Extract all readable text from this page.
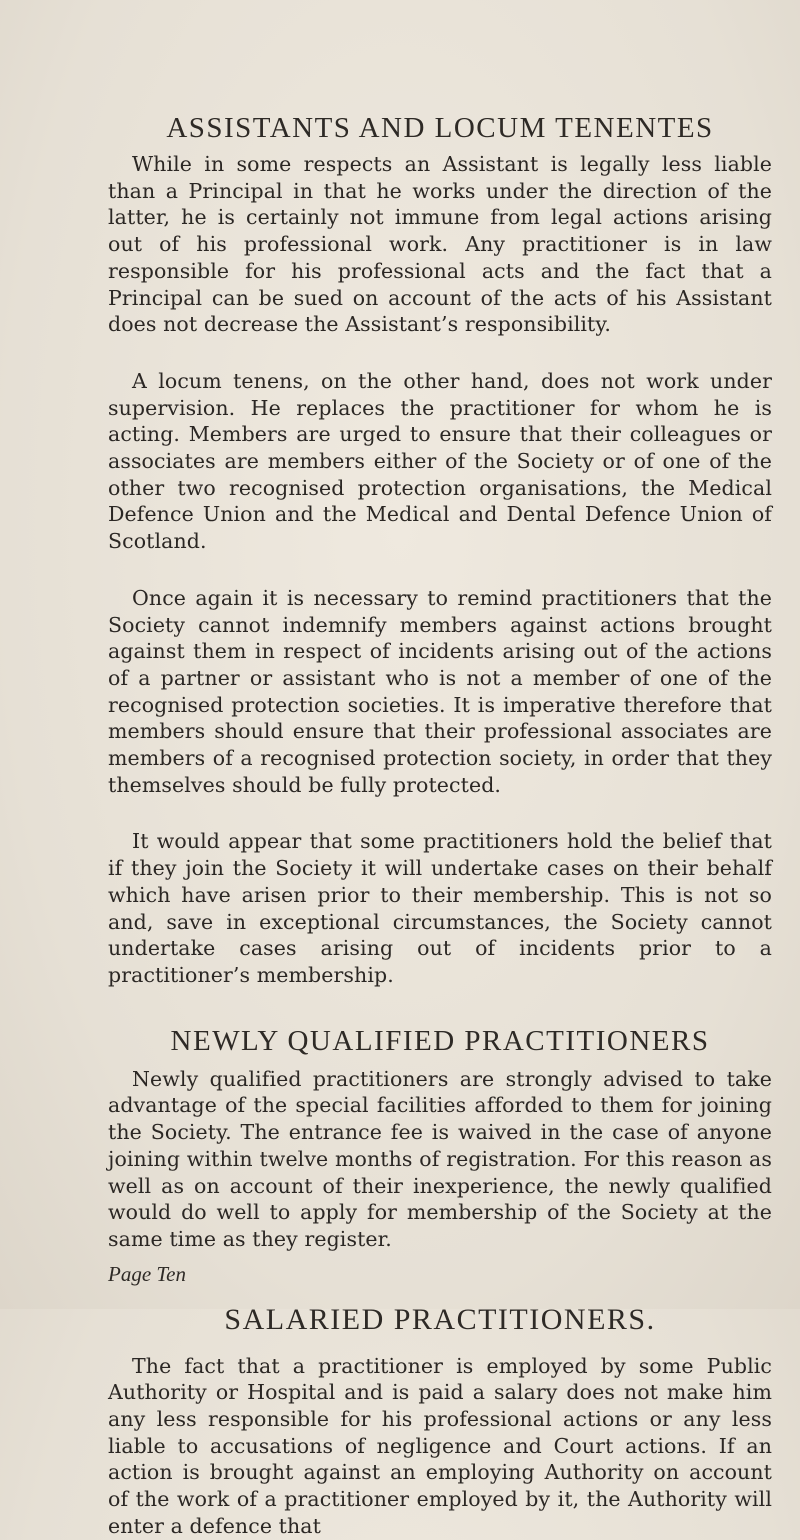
ASSISTANTS AND LOCUM TENENTES

While in some respects an Assistant is legally less liable than a Principal in that he works under the direction of the latter, he is certainly not immune from legal actions arising out of his professional work. Any practitioner is in law responsible for his professional acts and the fact that a Principal can be sued on account of the acts of his Assistant does not decrease the Assistant’s responsibility.

A locum tenens, on the other hand, does not work under supervision. He replaces the practitioner for whom he is acting. Members are urged to ensure that their colleagues or associates are members either of the Society or of one of the other two recognised protection organisations, the Medical Defence Union and the Medical and Dental Defence Union of Scotland.

Once again it is necessary to remind practitioners that the Society cannot indemnify members against actions brought against them in respect of incidents arising out of the actions of a partner or assistant who is not a member of one of the recognised protection societies. It is imperative therefore that members should ensure that their professional associates are members of a recognised protection society, in order that they themselves should be fully protected.

It would appear that some practitioners hold the belief that if they join the Society it will undertake cases on their behalf which have arisen prior to their membership. This is not so and, save in exceptional circumstances, the Society cannot undertake cases arising out of incidents prior to a practitioner’s membership.

NEWLY QUALIFIED PRACTITIONERS

Newly qualified practitioners are strongly advised to take advantage of the special facilities afforded to them for joining the Society. The entrance fee is waived in the case of anyone joining within twelve months of registration. For this reason as well as on account of their inexperience, the newly qualified would do well to apply for membership of the Society at the same time as they register.

SALARIED PRACTITIONERS.

The fact that a practitioner is employed by some Public Authority or Hospital and is paid a salary does not make him any less responsible for his professional actions or any less liable to accusations of negligence and Court actions. If an action is brought against an employing Authority on account of the work of a practitioner employed by it, the Authority will enter a defence that

Page Ten
